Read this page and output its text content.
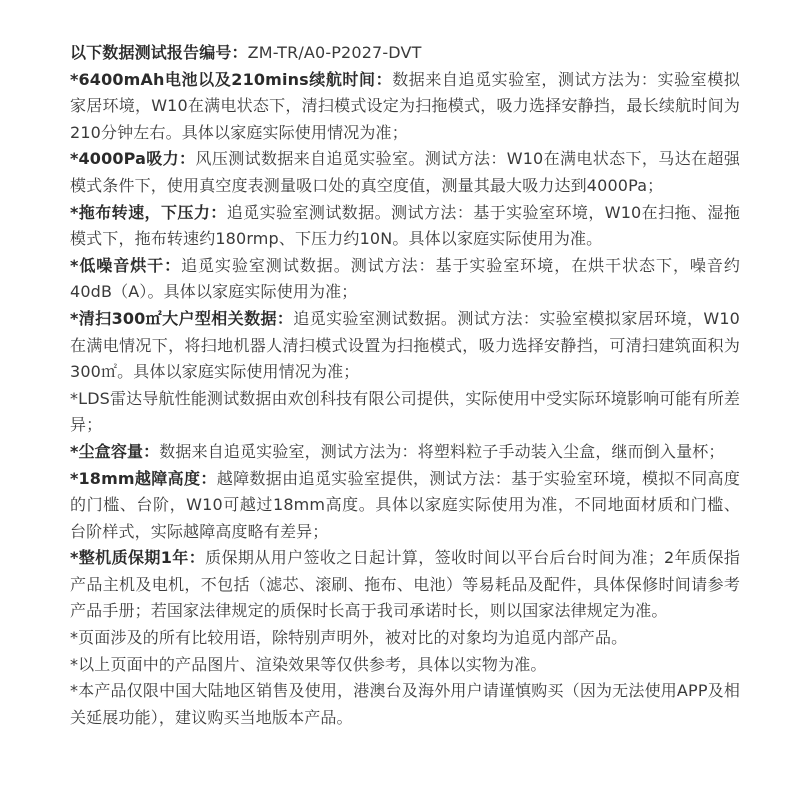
以下数据测试报告编号：ZM-TR/A0-P2027-DVT

*6400mAh电池以及210mins续航时间：数据来自追觅实验室，测试方法为：实验室模拟家居环境，W10在满电状态下，清扫模式设定为扫拖模式，吸力选择安静挡，最长续航时间为210分钟左右。具体以家庭实际使用情况为准；

*4000Pa吸力：风压测试数据来自追觅实验室。测试方法：W10在满电状态下，马达在超强模式条件下，使用真空度表测量吸口处的真空度值，测量其最大吸力达到4000Pa；

*拖布转速，下压力：追觅实验室测试数据。测试方法：基于实验室环境，W10在扫拖、湿拖模式下，拖布转速约180rmp、下压力约10N。具体以家庭实际使用为准。

*低噪音烘干：追觅实验室测试数据。测试方法：基于实验室环境，在烘干状态下，噪音约40dB（A）。具体以家庭实际使用为准；

*清扫300㎡大户型相关数据：追觅实验室测试数据。测试方法：实验室模拟家居环境，W10在满电情况下，将扫地机器人清扫模式设置为扫拖模式，吸力选择安静挡，可清扫建筑面积为300㎡。具体以家庭实际使用情况为准；

*LDS雷达导航性能测试数据由欢创科技有限公司提供，实际使用中受实际环境影响可能有所差异；

*尘盒容量：数据来自追觅实验室，测试方法为：将塑料粒子手动装入尘盒，继而倒入量杯；

*18mm越障高度：越障数据由追觅实验室提供，测试方法：基于实验室环境，模拟不同高度的门槛、台阶，W10可越过18mm高度。具体以家庭实际使用为准，不同地面材质和门槛、台阶样式，实际越障高度略有差异；

*整机质保期1年：质保期从用户签收之日起计算，签收时间以平台后台时间为准；2年质保指产品主机及电机，不包括（滤芯、滚刷、拖布、电池）等易耗品及配件，具体保修时间请参考产品手册；若国家法律规定的质保时长高于我司承诺时长，则以国家法律规定为准。

*页面涉及的所有比较用语，除特别声明外，被对比的对象均为追觅内部产品。

*以上页面中的产品图片、渲染效果等仅供参考，具体以实物为准。

*本产品仅限中国大陆地区销售及使用，港澳台及海外用户请谨慎购买（因为无法使用APP及相关延展功能），建议购买当地版本产品。
